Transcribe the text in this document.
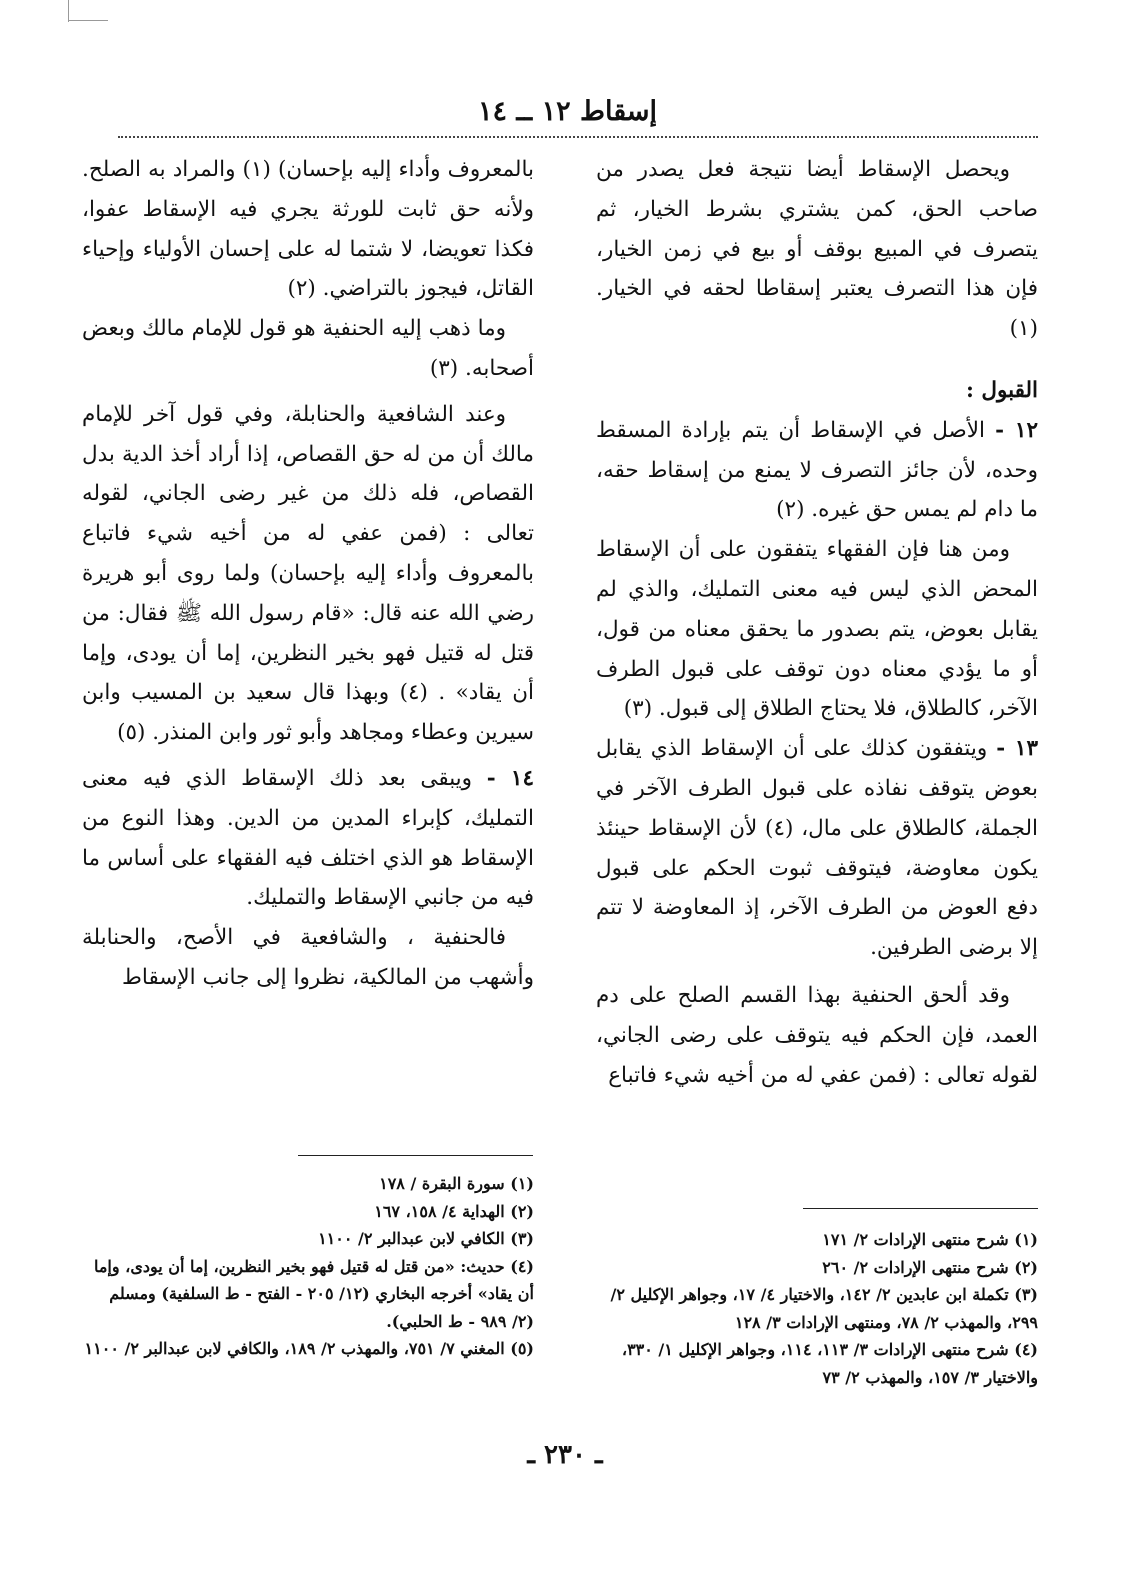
إسقاط ١٢ ــ ١٤

ويحصل الإسقاط أيضا نتيجة فعل يصدر من صاحب الحق، كمن يشتري بشرط الخيار، ثم يتصرف في المبيع بوقف أو بيع في زمن الخيار، فإن هذا التصرف يعتبر إسقاطا لحقه في الخيار. (١)

القبول :

١٢ - الأصل في الإسقاط أن يتم بإرادة المسقط وحده، لأن جائز التصرف لا يمنع من إسقاط حقه، ما دام لم يمس حق غيره. (٢)

ومن هنا فإن الفقهاء يتفقون على أن الإسقاط المحض الذي ليس فيه معنى التمليك، والذي لم يقابل بعوض، يتم بصدور ما يحقق معناه من قول، أو ما يؤدي معناه دون توقف على قبول الطرف الآخر، كالطلاق، فلا يحتاج الطلاق إلى قبول. (٣)

١٣ - ويتفقون كذلك على أن الإسقاط الذي يقابل بعوض يتوقف نفاذه على قبول الطرف الآخر في الجملة، كالطلاق على مال، (٤) لأن الإسقاط حينئذ يكون معاوضة، فيتوقف ثبوت الحكم على قبول دفع العوض من الطرف الآخر، إذ المعاوضة لا تتم إلا برضى الطرفين.

وقد ألحق الحنفية بهذا القسم الصلح على دم العمد، فإن الحكم فيه يتوقف على رضى الجاني، لقوله تعالى : (فمن عفي له من أخيه شيء فاتباع

بالمعروف وأداء إليه بإحسان) (١) والمراد به الصلح. ولأنه حق ثابت للورثة يجري فيه الإسقاط عفوا، فكذا تعويضا، لا شتما له على إحسان الأولياء وإحياء القاتل، فيجوز بالتراضي. (٢)

وما ذهب إليه الحنفية هو قول للإمام مالك وبعض أصحابه. (٣)

وعند الشافعية والحنابلة، وفي قول آخر للإمام مالك أن من له حق القصاص، إذا أراد أخذ الدية بدل القصاص، فله ذلك من غير رضى الجاني، لقوله تعالى : (فمن عفي له من أخيه شيء فاتباع بالمعروف وأداء إليه بإحسان) ولما روى أبو هريرة رضي الله عنه قال: «قام رسول الله ﷺ فقال: من قتل له قتيل فهو بخير النظرين، إما أن يودى، وإما أن يقاد» . (٤) وبهذا قال سعيد بن المسيب وابن سيرين وعطاء ومجاهد وأبو ثور وابن المنذر. (٥)

١٤ - ويبقى بعد ذلك الإسقاط الذي فيه معنى التمليك، كإبراء المدين من الدين. وهذا النوع من الإسقاط هو الذي اختلف فيه الفقهاء على أساس ما فيه من جانبي الإسقاط والتمليك.

فالحنفية ، والشافعية في الأصح، والحنابلة وأشهب من المالكية، نظروا إلى جانب الإسقاط

(١) شرح منتهى الإرادات ٢/ ١٧١
(٢) شرح منتهى الإرادات ٢/ ٢٦٠
(٣) تكملة ابن عابدين ٢/ ١٤٢، والاختيار ٤/ ١٧، وجواهر الإكليل ٢/ ٢٩٩، والمهذب ٢/ ٧٨، ومنتهى الإرادات ٣/ ١٢٨
(٤) شرح منتهى الإرادات ٣/ ١١٣، ١١٤، وجواهر الإكليل ١/ ٣٣٠، والاختيار ٣/ ١٥٧، والمهذب ٢/ ٧٣
(١) سورة البقرة / ١٧٨
(٢) الهداية ٤/ ١٥٨، ١٦٧
(٣) الكافي لابن عبدالبر ٢/ ١١٠٠
(٤) حديث: «من قتل له قتيل فهو بخير النظرين، إما أن يودى، وإما أن يقاد» أخرجه البخاري (١٢/ ٢٠٥ - الفتح - ط السلفية) ومسلم (٢/ ٩٨٩ - ط الحلبي).
(٥) المغني ٧/ ٧٥١، والمهذب ٢/ ١٨٩، والكافي لابن عبدالبر ٢/ ١١٠٠
ـ ٢٣٠ ـ
